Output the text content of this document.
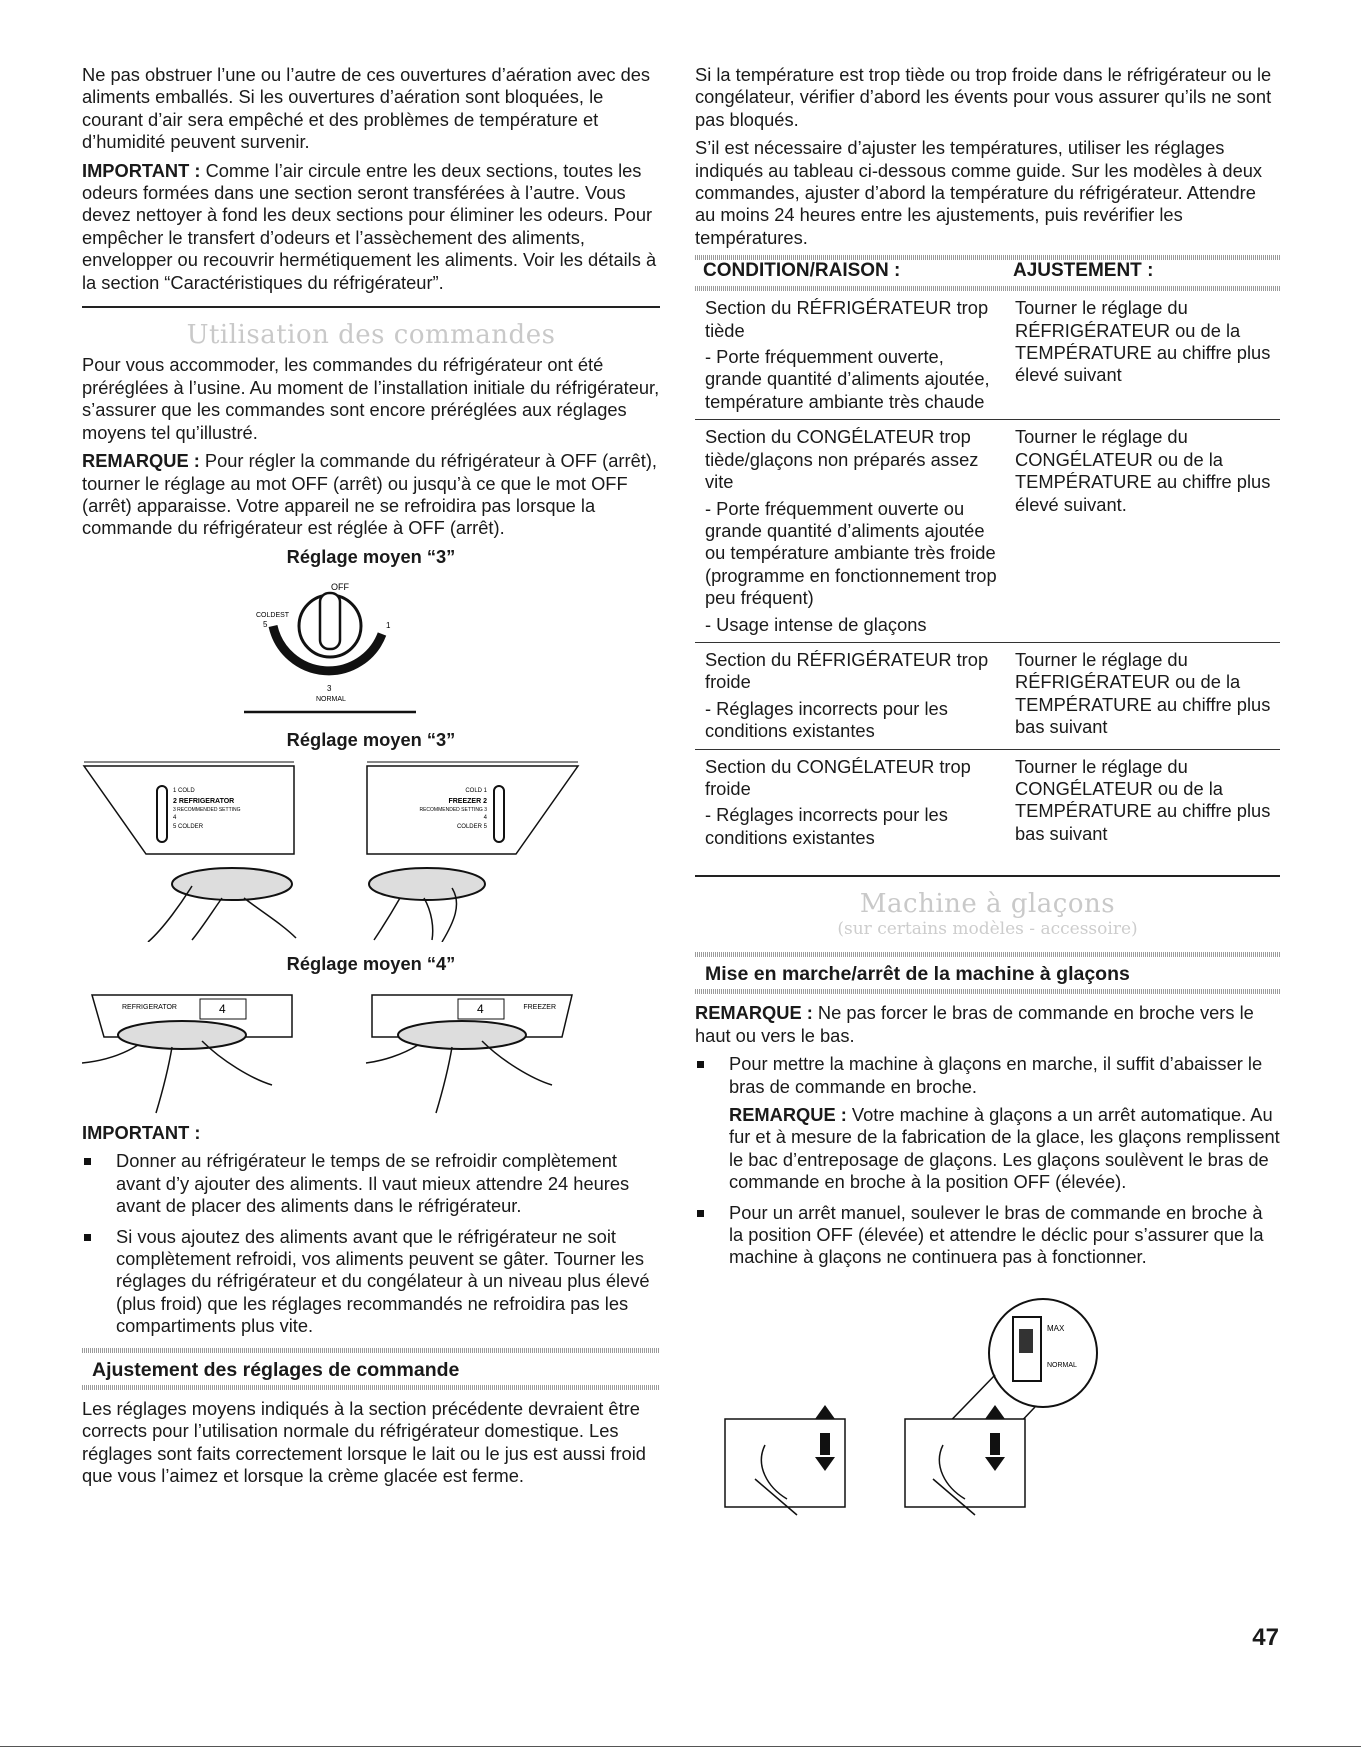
Ne pas obstruer l’une ou l’autre de ces ouvertures d’aération avec des aliments emballés. Si les ouvertures d’aération sont bloquées, le courant d’air sera empêché et des problèmes de température et d’humidité peuvent survenir.

IMPORTANT : Comme l’air circule entre les deux sections, toutes les odeurs formées dans une section seront transférées à l’autre. Vous devez nettoyer à fond les deux sections pour éliminer les odeurs. Pour empêcher le transfert d’odeurs et l’assèchement des aliments, envelopper ou recouvrir hermétiquement les aliments. Voir les détails à la section “Caractéristiques du réfrigérateur”.

Utilisation des commandes

Pour vous accommoder, les commandes du réfrigérateur ont été préréglées à l’usine. Au moment de l’installation initiale du réfrigérateur, s’assurer que les commandes sont encore préréglées aux réglages moyens tel qu’illustré.

REMARQUE : Pour régler la commande du réfrigérateur à OFF (arrêt), tourner le réglage au mot OFF (arrêt) ou jusqu’à ce que le mot OFF (arrêt) apparaisse. Votre appareil ne se refroidira pas lorsque la commande du réfrigérateur est réglée à OFF (arrêt).

Réglage moyen “3”

OFF
COLDEST
5	1
3
NORMAL

Réglage moyen “3”

1 COLD
2 REFRIGERATOR
3 RECOMMENDED SETTING
4
5 COLDER
COLD 1
FREEZER 2
RECOMMENDED SETTING 3
4
COLDER 5

Réglage moyen “4”

REFRIGERATOR	4	FREEZER
4

IMPORTANT :

Donner au réfrigérateur le temps de se refroidir complètement avant d’y ajouter des aliments. Il vaut mieux attendre 24 heures avant de placer des aliments dans le réfrigérateur.
Si vous ajoutez des aliments avant que le réfrigérateur ne soit complètement refroidi, vos aliments peuvent se gâter. Tourner les réglages du réfrigérateur et du congélateur à un niveau plus élevé (plus froid) que les réglages recommandés ne refroidira pas les compartiments plus vite.

Ajustement des réglages de commande

Les réglages moyens indiqués à la section précédente devraient être corrects pour l’utilisation normale du réfrigérateur domestique. Les réglages sont faits correctement lorsque le lait ou le jus est aussi froid que vous l’aimez et lorsque la crème glacée est ferme.

Si la température est trop tiède ou trop froide dans le réfrigérateur ou le congélateur, vérifier d’abord les évents pour vous assurer qu’ils ne sont pas bloqués.

S’il est nécessaire d’ajuster les températures, utiliser les réglages indiqués au tableau ci-dessous comme guide. Sur les modèles à deux commandes, ajuster d’abord la température du réfrigérateur. Attendre au moins 24 heures entre les ajustements, puis revérifier les températures.

CONDITION/RAISON :	AJUSTEMENT :

Section du RÉFRIGÉRATEUR trop tiède
- Porte fréquemment ouverte, grande quantité d’aliments ajoutée, température ambiante très chaude	Tourner le réglage du RÉFRIGÉRATEUR ou de la TEMPÉRATURE au chiffre plus élevé suivant

Section du CONGÉLATEUR trop tiède/glaçons non préparés assez vite
- Porte fréquemment ouverte ou grande quantité d’aliments ajoutée ou température ambiante très froide (programme en fonctionnement trop peu fréquent)
- Usage intense de glaçons	Tourner le réglage du CONGÉLATEUR ou de la TEMPÉRATURE au chiffre plus élevé suivant.

Section du RÉFRIGÉRATEUR trop froide
- Réglages incorrects pour les conditions existantes	Tourner le réglage du RÉFRIGÉRATEUR ou de la TEMPÉRATURE au chiffre plus bas suivant

Section du CONGÉLATEUR trop froide
- Réglages incorrects pour les conditions existantes	Tourner le réglage du CONGÉLATEUR ou de la TEMPÉRATURE au chiffre plus bas suivant

Machine à glaçons

(sur certains modèles - accessoire)

Mise en marche/arrêt de la machine à glaçons

REMARQUE : Ne pas forcer le bras de commande en broche vers le haut ou vers le bas.

Pour mettre la machine à glaçons en marche, il suffit d’abaisser le bras de commande en broche.

REMARQUE : Votre machine à glaçons a un arrêt automatique. Au fur et à mesure de la fabrication de la glace, les glaçons remplissent le bac d’entreposage de glaçons. Les glaçons soulèvent le bras de commande en broche à la position OFF (élevée).

Pour un arrêt manuel, soulever le bras de commande en broche à la position OFF (élevée) et attendre le déclic pour s’assurer que la machine à glaçons ne continuera pas à fonctionner.
MAX
NORMAL
47
